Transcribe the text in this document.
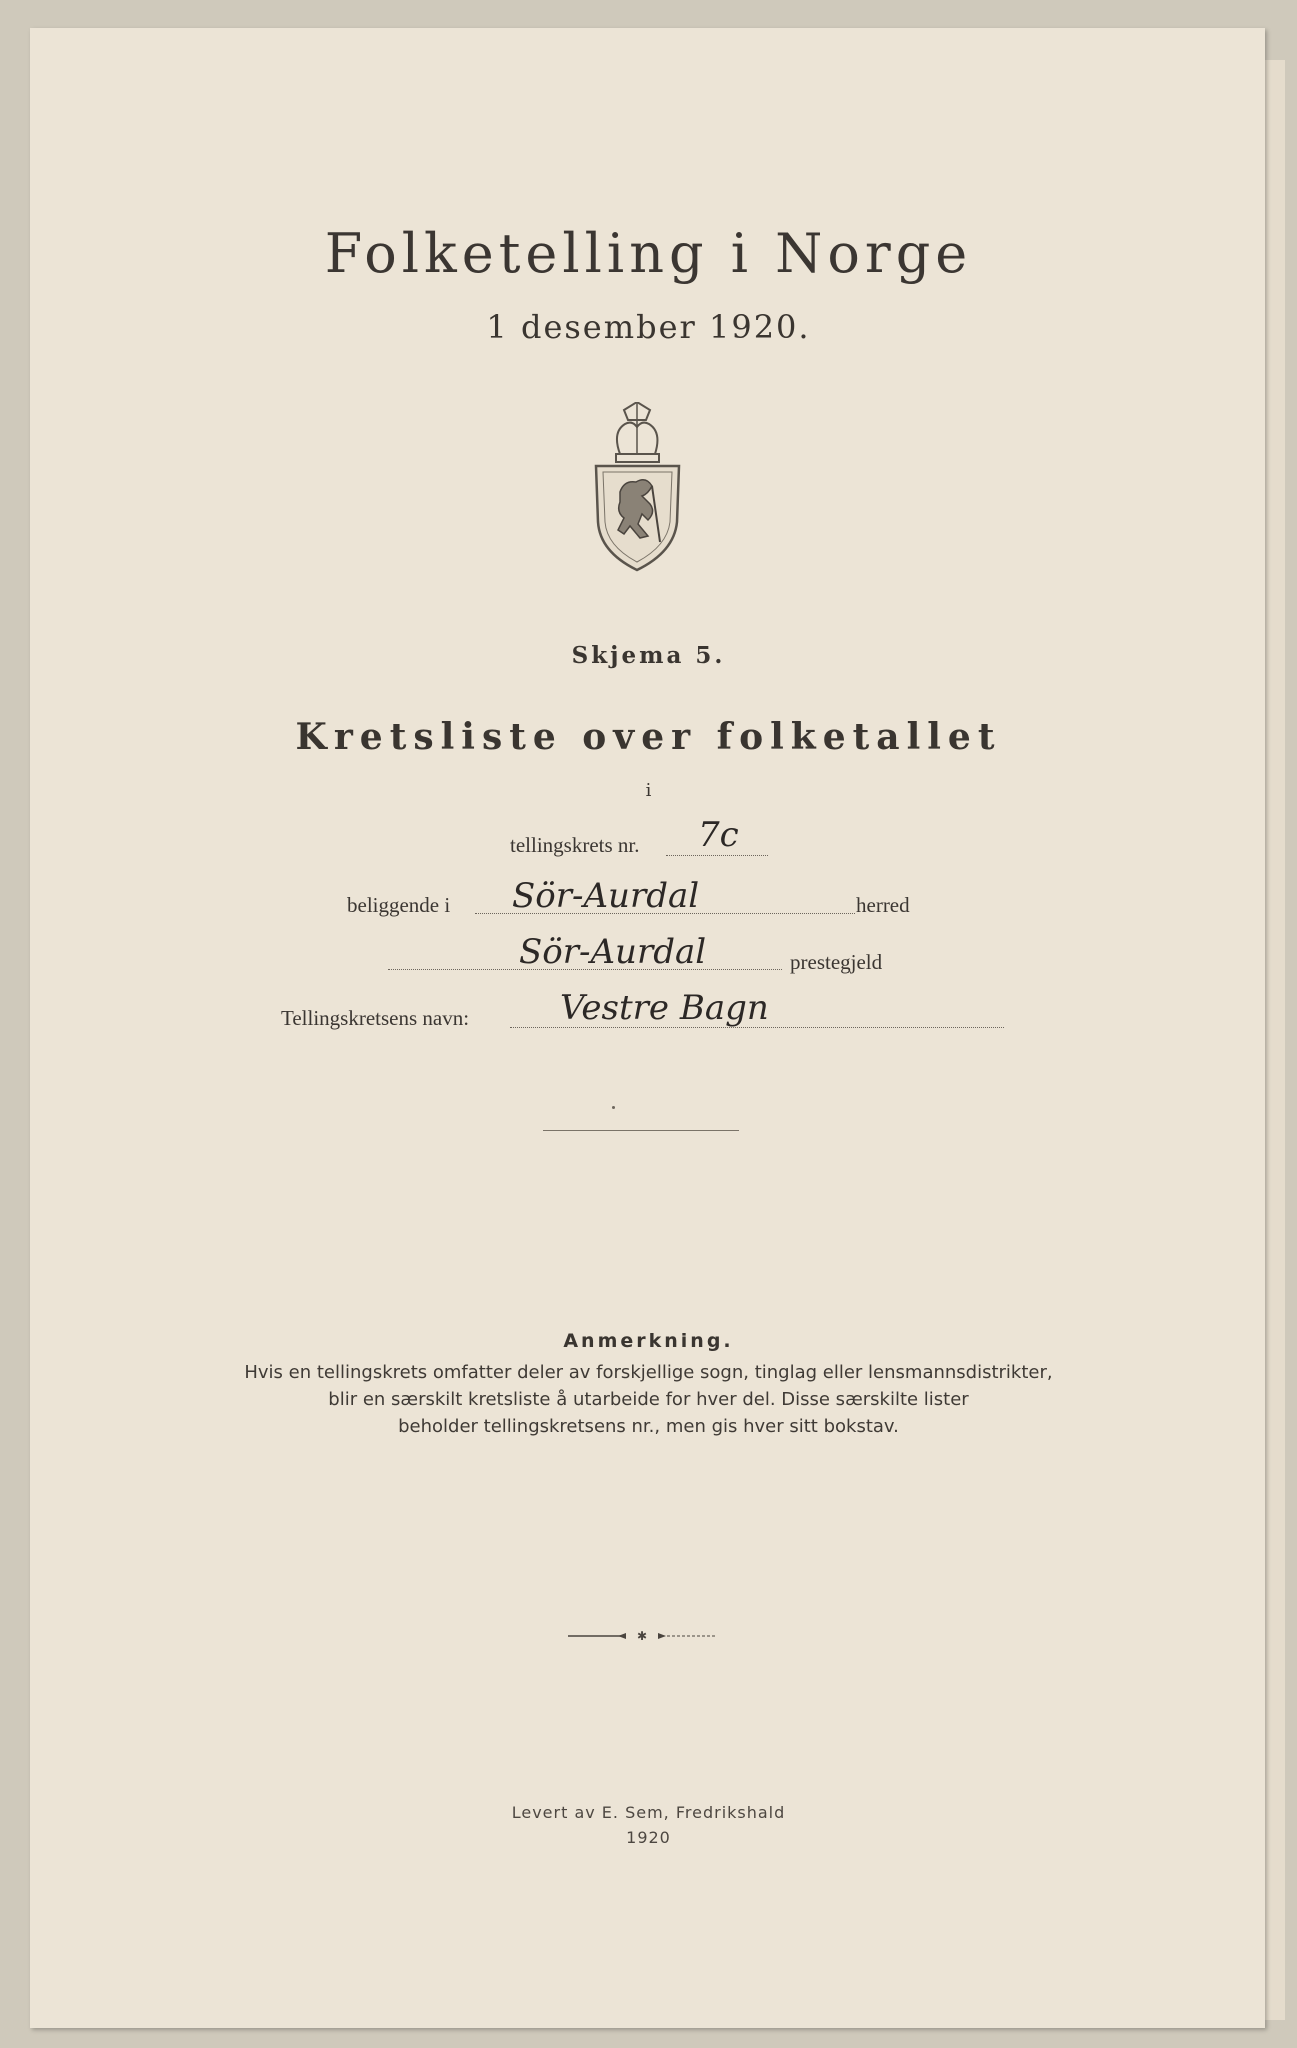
Folketelling i Norge
1 desember 1920.
Skjema 5.
Kretsliste over folketallet
i
tellingskrets nr. 7c
beliggende i Sör-Aurdal	herred
Sör-Aurdal	prestegjeld
Tellingskretsens navn:	Vestre Bagn
Anmerkning.
Hvis en tellingskrets omfatter deler av forskjellige sogn, tinglag eller lensmannsdistrikter,
blir en særskilt kretsliste å utarbeide for hver del. Disse særskilte lister
beholder tellingskretsens nr., men gis hver sitt bokstav.
✱
Levert av E. Sem, Fredrikshald
1920
